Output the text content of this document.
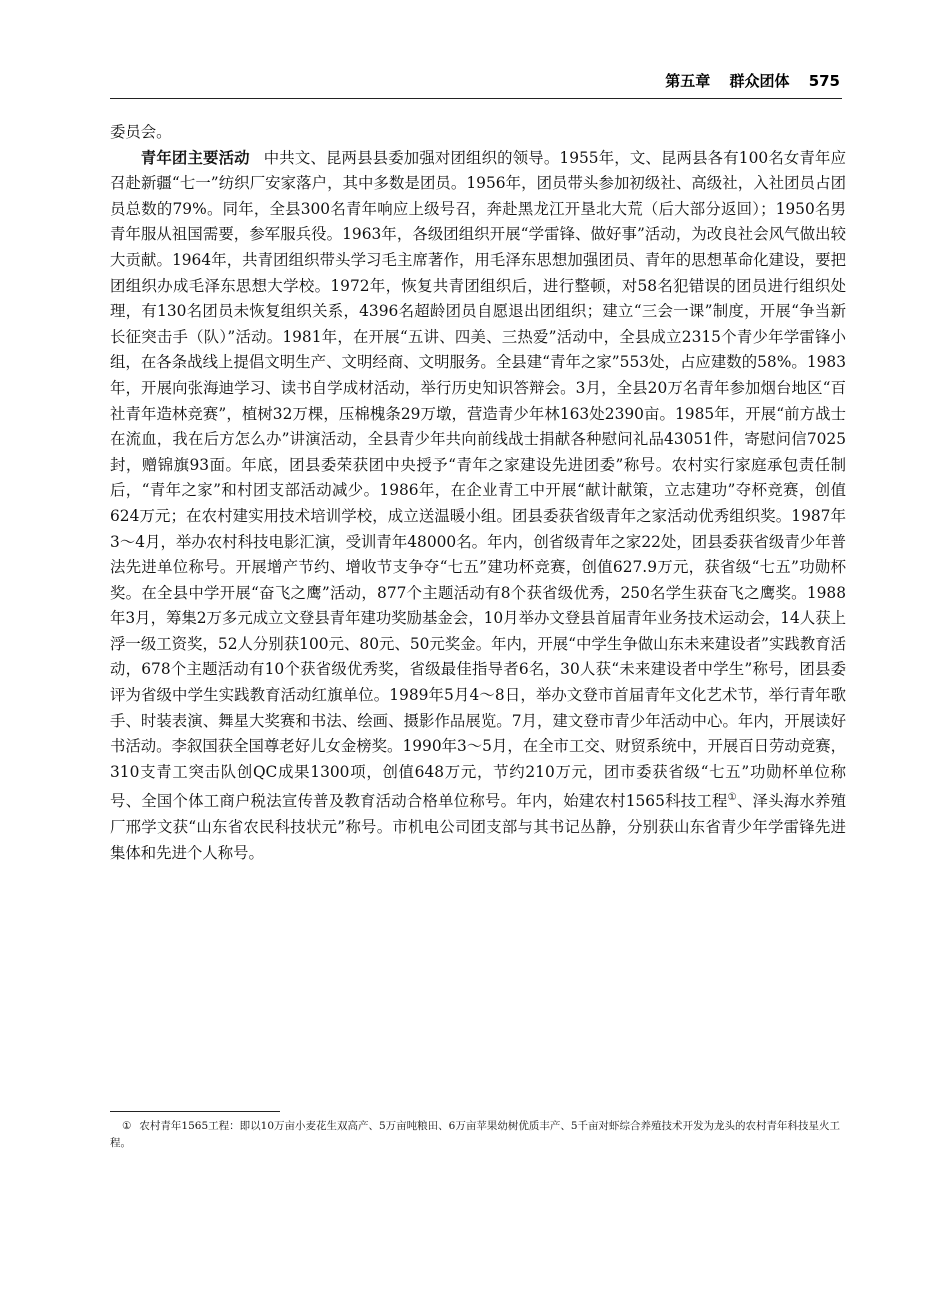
第五章 群众团体 575

委员会。

青年团主要活动 中共文、昆两县县委加强对团组织的领导。1955年，文、昆两县各有100名女青年应召赴新疆“七一”纺织厂安家落户，其中多数是团员。1956年，团员带头参加初级社、高级社，入社团员占团员总数的79%。同年，全县300名青年响应上级号召，奔赴黑龙江开垦北大荒（后大部分返回）；1950名男青年服从祖国需要，参军服兵役。1963年，各级团组织开展“学雷锋、做好事”活动，为改良社会风气做出较大贡献。1964年，共青团组织带头学习毛主席著作，用毛泽东思想加强团员、青年的思想革命化建设，要把团组织办成毛泽东思想大学校。1972年，恢复共青团组织后，进行整顿，对58名犯错误的团员进行组织处理，有130名团员未恢复组织关系，4396名超龄团员自愿退出团组织；建立“三会一课”制度，开展“争当新长征突击手（队）”活动。1981年，在开展“五讲、四美、三热爱”活动中，全县成立2315个青少年学雷锋小组，在各条战线上提倡文明生产、文明经商、文明服务。全县建“青年之家”553处，占应建数的58%。1983年，开展向张海迪学习、读书自学成材活动，举行历史知识答辩会。3月，全县20万名青年参加烟台地区“百社青年造林竞赛”，植树32万棵，压棉槐条29万墩，营造青少年林163处2390亩。1985年，开展“前方战士在流血，我在后方怎么办”讲演活动，全县青少年共向前线战士捐献各种慰问礼品43051件，寄慰问信7025封，赠锦旗93面。年底，团县委荣获团中央授予“青年之家建设先进团委”称号。农村实行家庭承包责任制后，“青年之家”和村团支部活动减少。1986年，在企业青工中开展“献计献策，立志建功”夺杯竞赛，创值624万元；在农村建实用技术培训学校，成立送温暖小组。团县委获省级青年之家活动优秀组织奖。1987年3～4月，举办农村科技电影汇演，受训青年48000名。年内，创省级青年之家22处，团县委获省级青少年普法先进单位称号。开展增产节约、增收节支争夺“七五”建功杯竞赛，创值627.9万元，获省级“七五”功勋杯奖。在全县中学开展“奋飞之鹰”活动，877个主题活动有8个获省级优秀，250名学生获奋飞之鹰奖。1988年3月，筹集2万多元成立文登县青年建功奖励基金会，10月举办文登县首届青年业务技术运动会，14人获上浮一级工资奖，52人分别获100元、80元、50元奖金。年内，开展“中学生争做山东未来建设者”实践教育活动，678个主题活动有10个获省级优秀奖，省级最佳指导者6名，30人获“未来建设者中学生”称号，团县委评为省级中学生实践教育活动红旗单位。1989年5月4～8日，举办文登市首届青年文化艺术节，举行青年歌手、时装表演、舞星大奖赛和书法、绘画、摄影作品展览。7月，建文登市青少年活动中心。年内，开展读好书活动。李叙国获全国尊老好儿女金榜奖。1990年3～5月，在全市工交、财贸系统中，开展百日劳动竞赛，310支青工突击队创QC成果1300项，创值648万元，节约210万元，团市委获省级“七五”功勋杯单位称号、全国个体工商户税法宣传普及教育活动合格单位称号。年内，始建农村1565科技工程①、泽头海水养殖厂邢学文获“山东省农民科技状元”称号。市机电公司团支部与其书记丛静，分别获山东省青少年学雷锋先进集体和先进个人称号。

① 农村青年1565工程：即以10万亩小麦花生双高产、5万亩吨粮田、6万亩苹果幼树优质丰产、5千亩对虾综合养殖技术开发为龙头的农村青年科技星火工程。
